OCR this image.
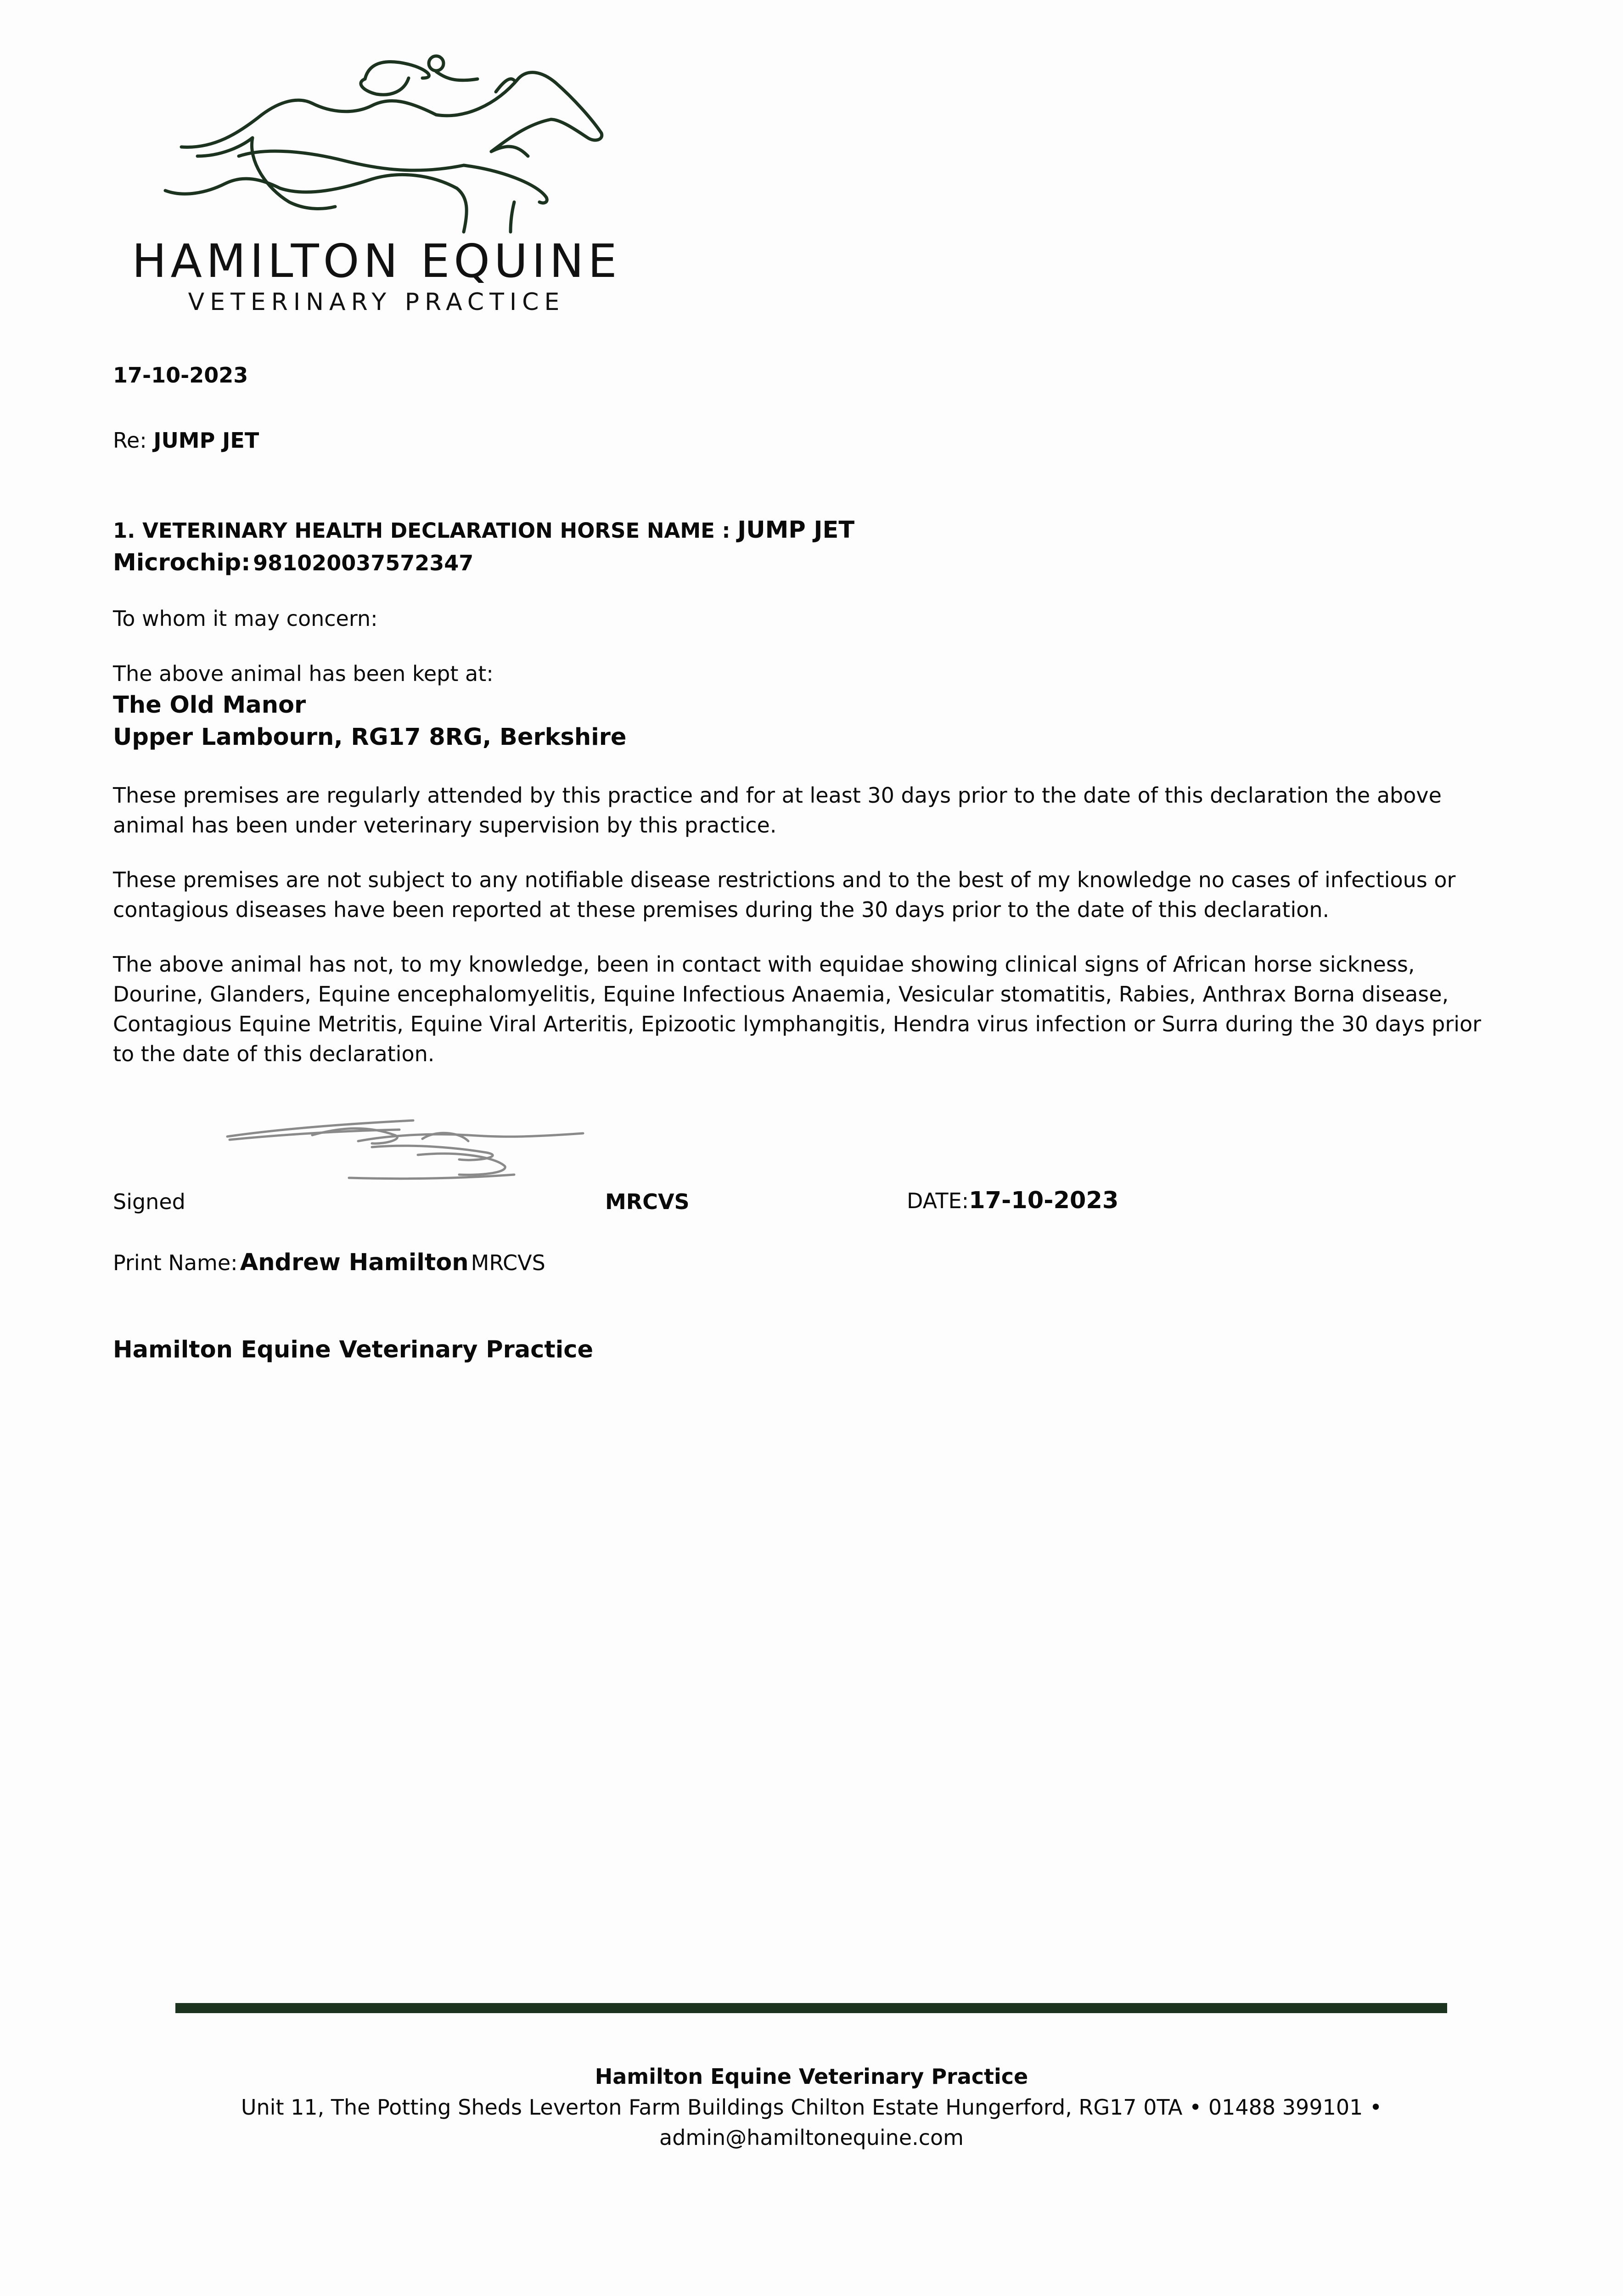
HAMILTON EQUINE
VETERINARY PRACTICE
17-10-2023
Re: JUMP JET
1. VETERINARY HEALTH DECLARATION HORSE NAME : JUMP JET
Microchip: 981020037572347
To whom it may concern:
The above animal has been kept at:
The Old Manor
Upper Lambourn, RG17 8RG, Berkshire
These premises are regularly attended by this practice and for at least 30 days prior to the date of this declaration the above animal has been under veterinary supervision by this practice.
These premises are not subject to any notifiable disease restrictions and to the best of my knowledge no cases of infectious or contagious diseases have been reported at these premises during the 30 days prior to the date of this declaration.
The above animal has not, to my knowledge, been in contact with equidae showing clinical signs of African horse sickness, Dourine, Glanders, Equine encephalomyelitis, Equine Infectious Anaemia, Vesicular stomatitis, Rabies, Anthrax Borna disease, Contagious Equine Metritis, Equine Viral Arteritis, Epizootic lymphangitis, Hendra virus infection or Surra during the 30 days prior to the date of this declaration.
Signed	MRCVS	DATE:17-10-2023
Print Name: Andrew Hamilton MRCVS
Hamilton Equine Veterinary Practice
Hamilton Equine Veterinary Practice
Unit 11, The Potting Sheds Leverton Farm Buildings Chilton Estate Hungerford, RG17 0TA • 01488 399101 •
admin@hamiltonequine.com
